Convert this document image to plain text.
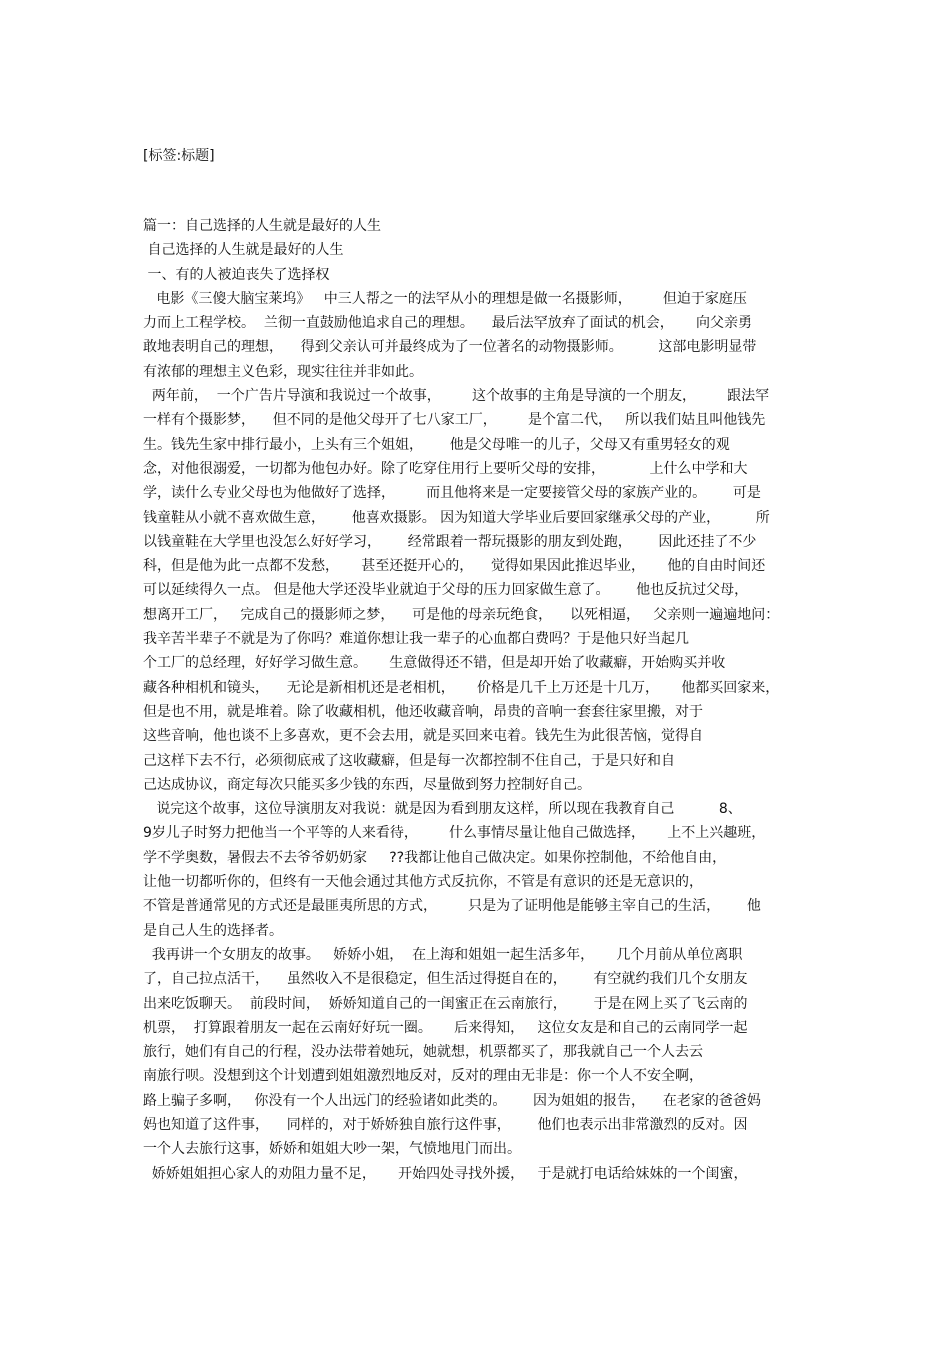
[标签:标题]
篇一：自己选择的人生就是最好的人生
自己选择的人生就是最好的人生
一、有的人被迫丧失了选择权
电影《三傻大脑宝莱坞》   中三人帮之一的法罕从小的理想是做一名摄影师，       但迫于家庭压
力而上工程学校。  兰彻一直鼓励他追求自己的理想。    最后法罕放弃了面试的机会，     向父亲勇
敢地表明自己的理想，    得到父亲认可并最终成为了一位著名的动物摄影师。        这部电影明显带
有浓郁的理想主义色彩，现实往往并非如此。
两年前，  一个广告片导演和我说过一个故事，       这个故事的主角是导演的一个朋友，       跟法罕
一样有个摄影梦，    但不同的是他父母开了七八家工厂，       是个富二代，   所以我们姑且叫他钱先
生。钱先生家中排行最小，上头有三个姐姐，      他是父母唯一的儿子，父母又有重男轻女的观
念，对他很溺爱，一切都为他包办好。除了吃穿住用行上要听父母的安排，          上什么中学和大
学，读什么专业父母也为他做好了选择，       而且他将来是一定要接管父母的家族产业的。      可是
钱童鞋从小就不喜欢做生意，      他喜欢摄影。 因为知道大学毕业后要回家继承父母的产业，        所
以钱童鞋在大学里也没怎么好好学习，      经常跟着一帮玩摄影的朋友到处跑，      因此还挂了不少
科，但是他为此一点都不发愁，     甚至还挺开心的，    觉得如果因此推迟毕业，     他的自由时间还
可以延续得久一点。 但是他大学还没毕业就迫于父母的压力回家做生意了。      他也反抗过父母，
想离开工厂，   完成自己的摄影师之梦，    可是他的母亲玩绝食，    以死相逼，   父亲则一遍遍地问：
我辛苦半辈子不就是为了你吗？难道你想让我一辈子的心血都白费吗？于是他只好当起几
个工厂的总经理，好好学习做生意。     生意做得还不错，但是却开始了收藏癖，开始购买并收
藏各种相机和镜头，    无论是新相机还是老相机，     价格是几千上万还是十几万，     他都买回家来，
但是也不用，就是堆着。除了收藏相机，他还收藏音响，昂贵的音响一套套往家里搬，对于
这些音响，他也谈不上多喜欢，更不会去用，就是买回来屯着。钱先生为此很苦恼，觉得自
己这样下去不行，必须彻底戒了这收藏癖，但是每一次都控制不住自己，于是只好和自
己达成协议，商定每次只能买多少钱的东西，尽量做到努力控制好自己。
说完这个故事，这位导演朋友对我说：就是因为看到朋友这样，所以现在我教育自己          8、
9岁儿子时努力把他当一个平等的人来看待，       什么事情尽量让他自己做选择，     上不上兴趣班，
学不学奥数，暑假去不去爷爷奶奶家     ??我都让他自己做决定。如果你控制他，不给他自由，
让他一切都听你的，但终有一天他会通过其他方式反抗你，不管是有意识的还是无意识的，
不管是普通常见的方式还是最匪夷所思的方式，       只是为了证明他是能够主宰自己的生活，      他
是自己人生的选择者。
我再讲一个女朋友的故事。   娇娇小姐，  在上海和姐姐一起生活多年，     几个月前从单位离职
了，自己拉点活干，    虽然收入不是很稳定，但生活过得挺自在的，      有空就约我们几个女朋友
出来吃饭聊天。  前段时间，  娇娇知道自己的一闺蜜正在云南旅行，      于是在网上买了飞云南的
机票，  打算跟着朋友一起在云南好好玩一圈。     后来得知，   这位女友是和自己的云南同学一起
旅行，她们有自己的行程，没办法带着她玩，她就想，机票都买了，那我就自己一个人去云
南旅行呗。没想到这个计划遭到姐姐激烈地反对，反对的理由无非是：你一个人不安全啊，
路上骗子多啊，   你没有一个人出远门的经验诸如此类的。      因为姐姐的报告，    在老家的爸爸妈
妈也知道了这件事，    同样的，对于娇娇独自旅行这件事，      他们也表示出非常激烈的反对。因
一个人去旅行这事，娇娇和姐姐大吵一架，气愤地甩门而出。
娇娇姐姐担心家人的劝阻力量不足，     开始四处寻找外援，   于是就打电话给妹妹的一个闺蜜，
